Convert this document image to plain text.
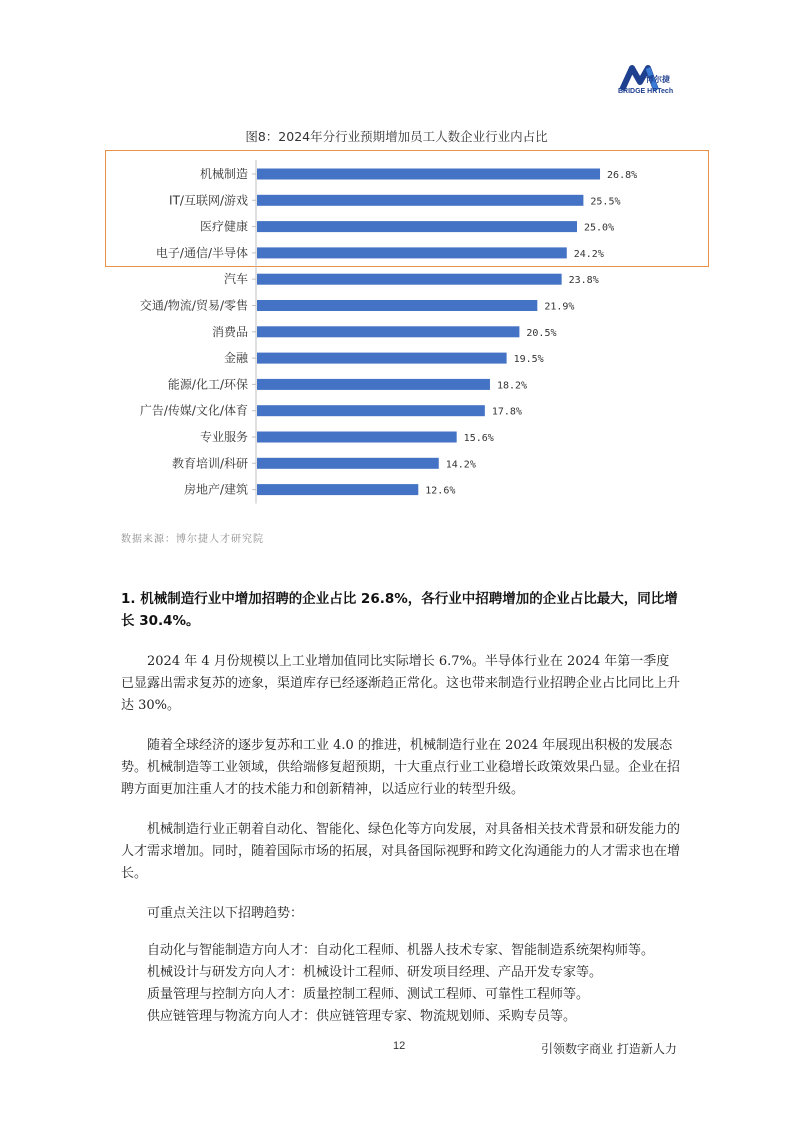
BRIDGE HRTech
博尔捷
图8：2024年分行业预期增加员工人数企业行业内占比
机械制造	26.8%
IT/互联网/游戏	25.5%
医疗健康	25.0%
电子/通信/半导体	24.2%
汽车	23.8%
交通/物流/贸易/零售	21.9%
消费品	20.5%
金融	19.5%
能源/化工/环保	18.2%
广告/传媒/文化/体育	17.8%
专业服务	15.6%
教育培训/科研	14.2%
房地产/建筑	12.6%
数据来源：博尔捷人才研究院
1. 机械制造行业中增加招聘的企业占比 26.8%，各行业中招聘增加的企业占比最大，同比增长 30.4%。
2024 年 4 月份规模以上工业增加值同比实际增长 6.7%。半导体行业在 2024 年第一季度已显露出需求复苏的迹象，渠道库存已经逐渐趋正常化。这也带来制造行业招聘企业占比同比上升达 30%。
随着全球经济的逐步复苏和工业 4.0 的推进，机械制造行业在 2024 年展现出积极的发展态势。机械制造等工业领域，供给端修复超预期，十大重点行业工业稳增长政策效果凸显。企业在招聘方面更加注重人才的技术能力和创新精神，以适应行业的转型升级。
机械制造行业正朝着自动化、智能化、绿色化等方向发展，对具备相关技术背景和研发能力的人才需求增加。同时，随着国际市场的拓展，对具备国际视野和跨文化沟通能力的人才需求也在增长。
可重点关注以下招聘趋势：
自动化与智能制造方向人才：自动化工程师、机器人技术专家、智能制造系统架构师等。
机械设计与研发方向人才：机械设计工程师、研发项目经理、产品开发专家等。
质量管理与控制方向人才：质量控制工程师、测试工程师、可靠性工程师等。
供应链管理与物流方向人才：供应链管理专家、物流规划师、采购专员等。
12	引领数字商业 打造新人力
